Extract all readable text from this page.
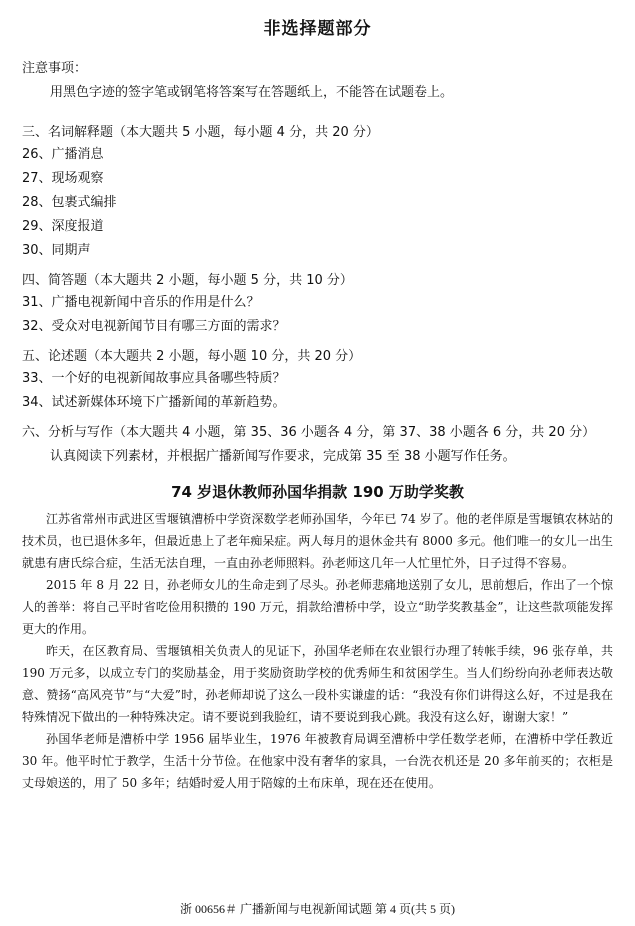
非选择题部分
注意事项：
用黑色字迹的签字笔或钢笔将答案写在答题纸上，不能答在试题卷上。
三、名词解释题（本大题共 5 小题，每小题 4 分，共 20 分）
26、广播消息
27、现场观察
28、包裹式编排
29、深度报道
30、同期声
四、简答题（本大题共 2 小题，每小题 5 分，共 10 分）
31、广播电视新闻中音乐的作用是什么？
32、受众对电视新闻节目有哪三方面的需求？
五、论述题（本大题共 2 小题，每小题 10 分，共 20 分）
33、一个好的电视新闻故事应具备哪些特质？
34、试述新媒体环境下广播新闻的革新趋势。
六、分析与写作（本大题共 4 小题，第 35、36 小题各 4 分，第 37、38 小题各 6 分，共 20 分）
认真阅读下列素材，并根据广播新闻写作要求，完成第 35 至 38 小题写作任务。
74 岁退休教师孙国华捐款 190 万助学奖教

江苏省常州市武进区雪堰镇漕桥中学资深数学老师孙国华，今年已 74 岁了。他的老伴原是雪堰镇农林站的技术员，也已退休多年，但最近患上了老年痴呆症。两人每月的退休金共有 8000 多元。他们唯一的女儿一出生就患有唐氏综合症，生活无法自理，一直由孙老师照料。孙老师这几年一人忙里忙外，日子过得不容易。

2015 年 8 月 22 日，孙老师女儿的生命走到了尽头。孙老师悲痛地送别了女儿，思前想后，作出了一个惊人的善举：将自己平时省吃俭用积攒的 190 万元，捐款给漕桥中学，设立“助学奖教基金”，让这些款项能发挥更大的作用。

昨天，在区教育局、雪堰镇相关负责人的见证下，孙国华老师在农业银行办理了转帐手续，96 张存单，共 190 万元多，以成立专门的奖励基金，用于奖励资助学校的优秀师生和贫困学生。当人们纷纷向孙老师表达敬意、赞扬“高风亮节”与“大爱”时，孙老师却说了这么一段朴实谦虚的话：“我没有你们讲得这么好，不过是我在特殊情况下做出的一种特殊决定。请不要说到我脸红，请不要说到我心跳。我没有这么好，谢谢大家！”

孙国华老师是漕桥中学 1956 届毕业生，1976 年被教育局调至漕桥中学任数学老师，在漕桥中学任教近 30 年。他平时忙于教学，生活十分节俭。在他家中没有奢华的家具，一台洗衣机还是 20 多年前买的；衣柜是丈母娘送的，用了 50 多年；结婚时爱人用于陪嫁的土布床单，现在还在使用。

浙 00656＃ 广播新闻与电视新闻试题 第 4 页(共 5 页)
